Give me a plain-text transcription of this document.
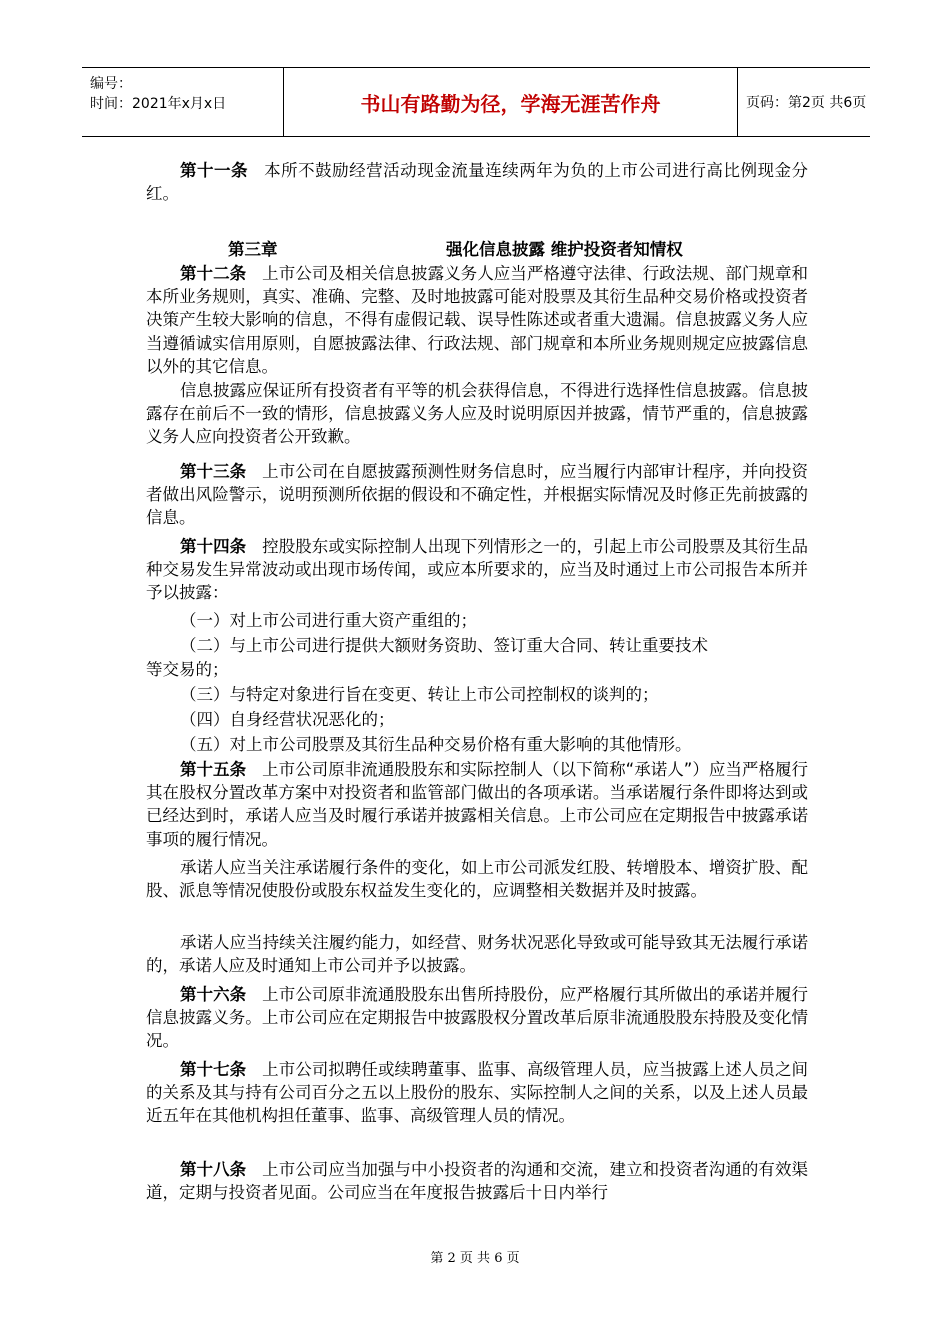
编号：
时间：2021年x月x日	书山有路勤为径，学海无涯苦作舟	页码：第2页 共6页
第十一条 本所不鼓励经营活动现金流量连续两年为负的上市公司进行高比例现金分红。
第三章	强化信息披露 维护投资者知情权
第十二条 上市公司及相关信息披露义务人应当严格遵守法律、行政法规、部门规章和本所业务规则，真实、准确、完整、及时地披露可能对股票及其衍生品种交易价格或投资者决策产生较大影响的信息，不得有虚假记载、误导性陈述或者重大遗漏。信息披露义务人应当遵循诚实信用原则，自愿披露法律、行政法规、部门规章和本所业务规则规定应披露信息以外的其它信息。
信息披露应保证所有投资者有平等的机会获得信息，不得进行选择性信息披露。信息披露存在前后不一致的情形，信息披露义务人应及时说明原因并披露，情节严重的，信息披露义务人应向投资者公开致歉。
第十三条 上市公司在自愿披露预测性财务信息时，应当履行内部审计程序，并向投资者做出风险警示，说明预测所依据的假设和不确定性，并根据实际情况及时修正先前披露的信息。
第十四条 控股股东或实际控制人出现下列情形之一的，引起上市公司股票及其衍生品种交易发生异常波动或出现市场传闻，或应本所要求的，应当及时通过上市公司报告本所并予以披露：
（一）对上市公司进行重大资产重组的；
（二）与上市公司进行提供大额财务资助、签订重大合同、转让重要技术
等交易的；
（三）与特定对象进行旨在变更、转让上市公司控制权的谈判的；
（四）自身经营状况恶化的；
（五）对上市公司股票及其衍生品种交易价格有重大影响的其他情形。
第十五条 上市公司原非流通股股东和实际控制人（以下简称“承诺人”）应当严格履行其在股权分置改革方案中对投资者和监管部门做出的各项承诺。当承诺履行条件即将达到或已经达到时，承诺人应当及时履行承诺并披露相关信息。上市公司应在定期报告中披露承诺事项的履行情况。
承诺人应当关注承诺履行条件的变化，如上市公司派发红股、转增股本、增资扩股、配股、派息等情况使股份或股东权益发生变化的，应调整相关数据并及时披露。
承诺人应当持续关注履约能力，如经营、财务状况恶化导致或可能导致其无法履行承诺的，承诺人应及时通知上市公司并予以披露。
第十六条 上市公司原非流通股股东出售所持股份，应严格履行其所做出的承诺并履行信息披露义务。上市公司应在定期报告中披露股权分置改革后原非流通股股东持股及变化情况。
第十七条 上市公司拟聘任或续聘董事、监事、高级管理人员，应当披露上述人员之间的关系及其与持有公司百分之五以上股份的股东、实际控制人之间的关系，以及上述人员最近五年在其他机构担任董事、监事、高级管理人员的情况。
第十八条 上市公司应当加强与中小投资者的沟通和交流，建立和投资者沟通的有效渠道，定期与投资者见面。公司应当在年度报告披露后十日内举行
第 2 页 共 6 页
